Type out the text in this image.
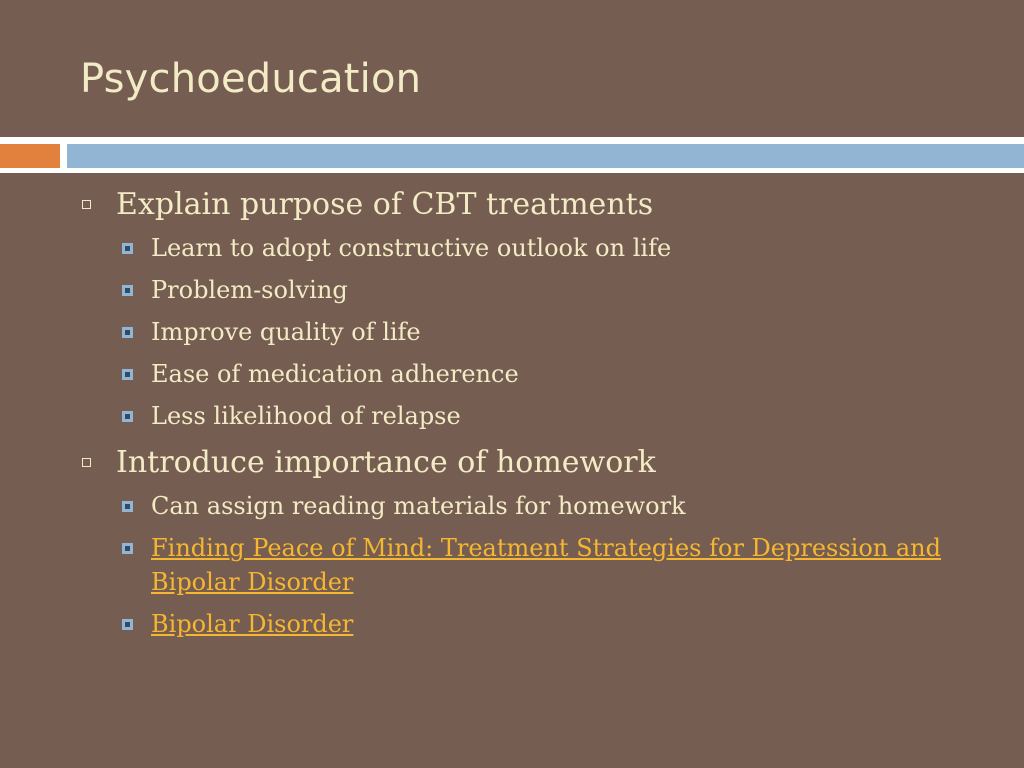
Psychoeducation
Explain purpose of CBT treatments
Learn to adopt constructive outlook on life
Problem-solving
Improve quality of life
Ease of medication adherence
Less likelihood of relapse
Introduce importance of homework
Can assign reading materials for homework
Finding Peace of Mind: Treatment Strategies for Depression and Bipolar Disorder
Bipolar Disorder
